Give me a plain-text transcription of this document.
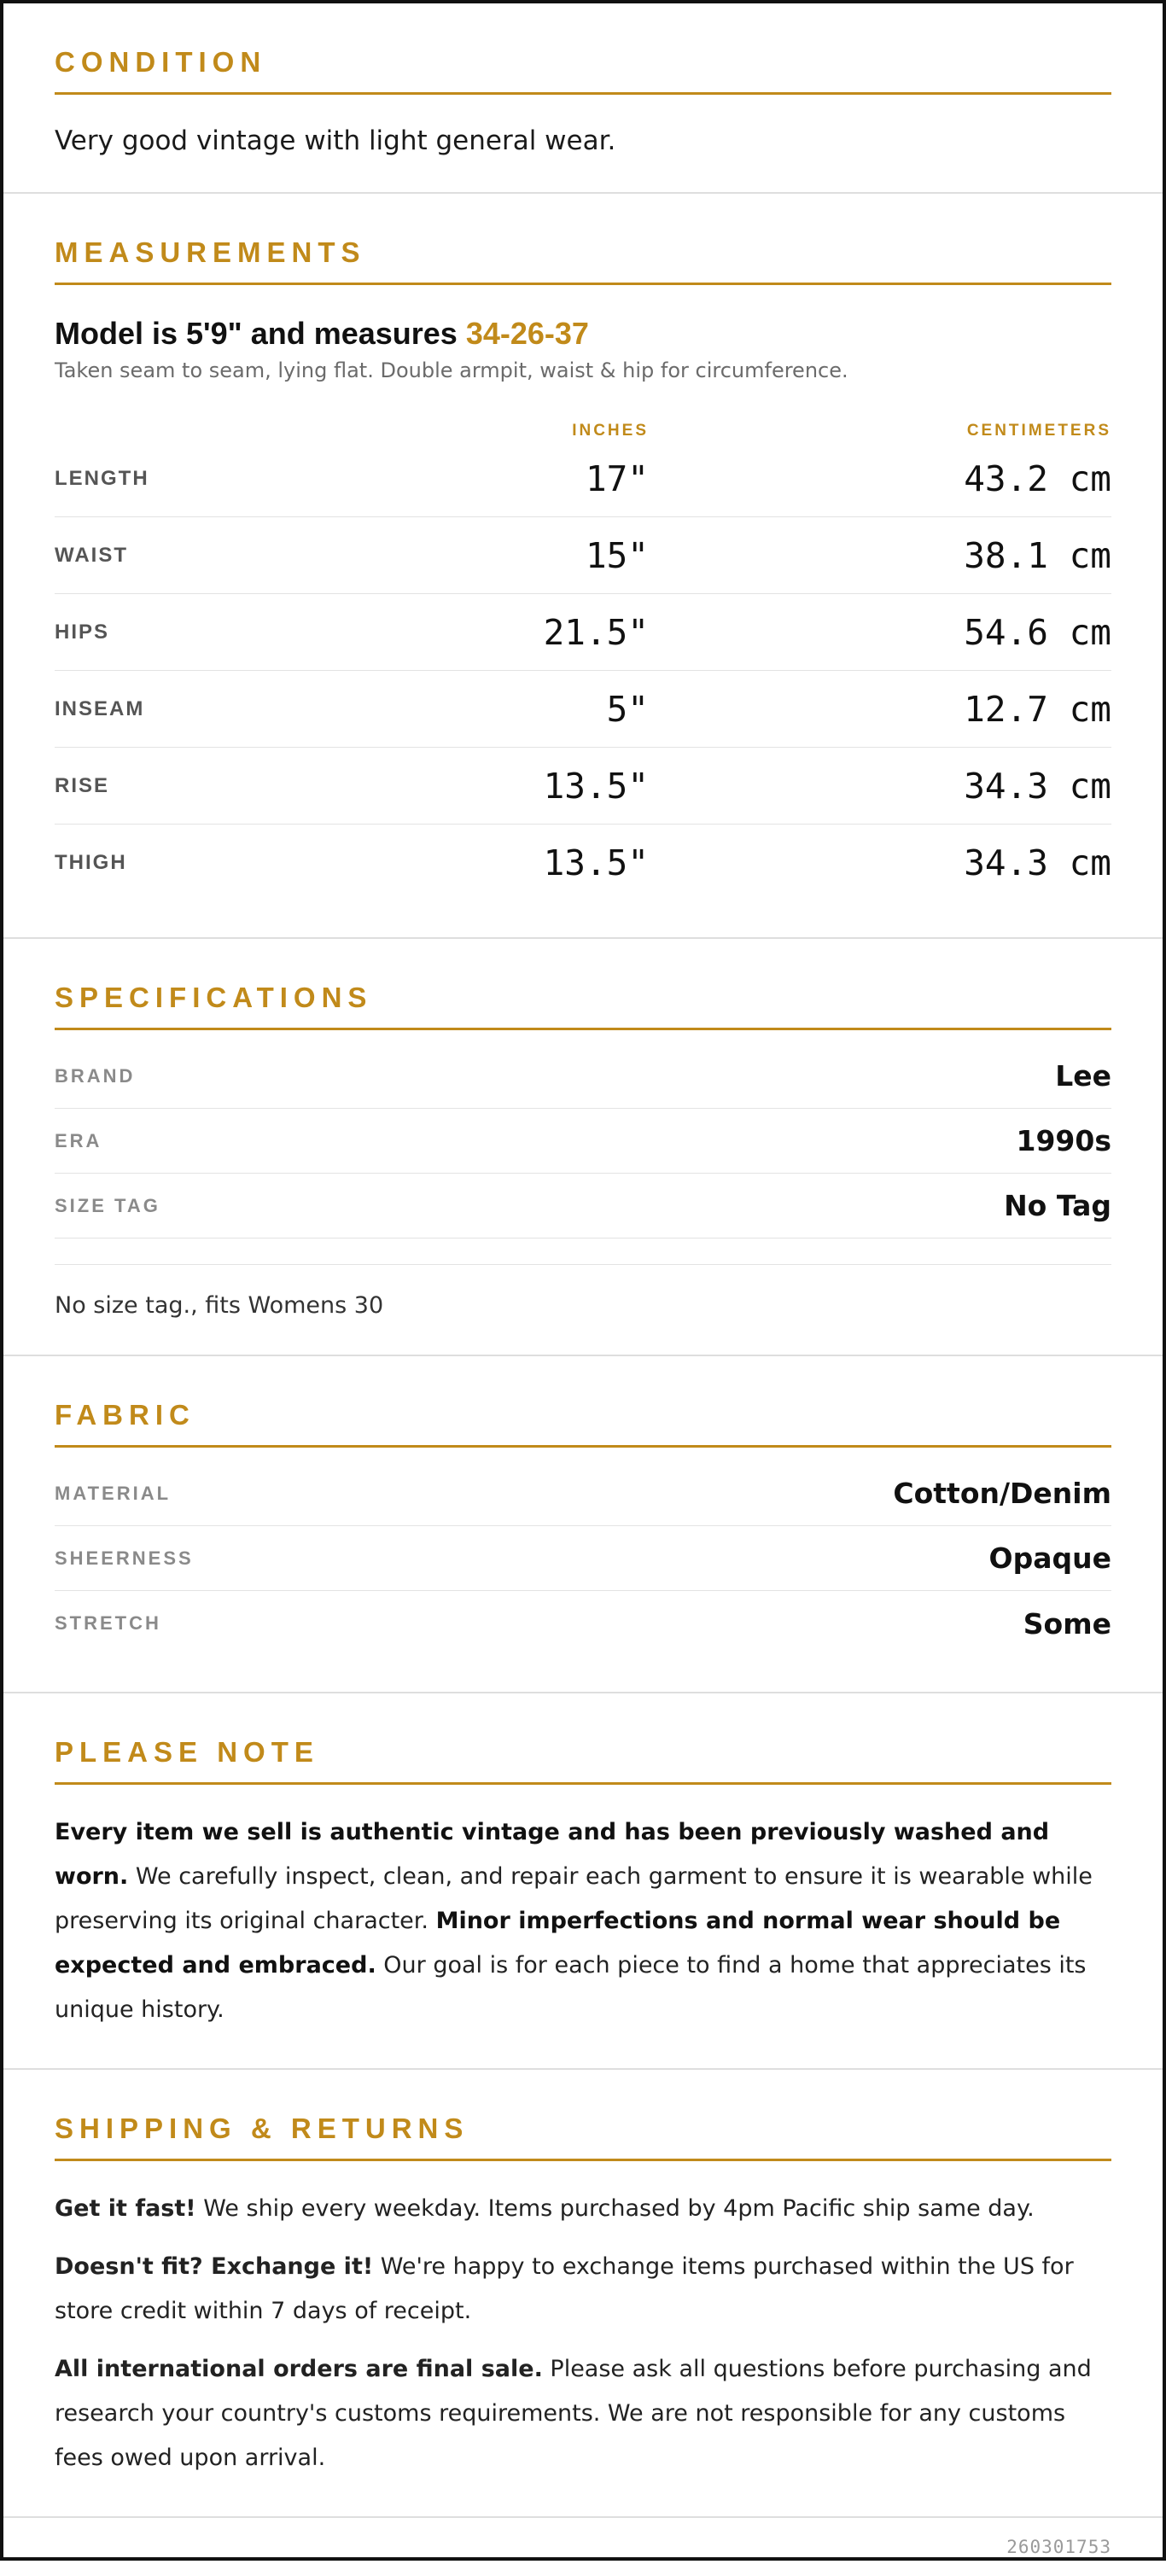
CONDITION
Very good vintage with light general wear.
MEASUREMENTS
Model is 5'9" and measures 34-26-37
Taken seam to seam, lying flat. Double armpit, waist & hip for circumference.
INCHES	CENTIMETERS
LENGTH	17"	43.2 cm
WAIST	15"	38.1 cm
HIPS	21.5"	54.6 cm
INSEAM	5"	12.7 cm
RISE	13.5"	34.3 cm
THIGH	13.5"	34.3 cm
SPECIFICATIONS
BRAND	Lee
ERA	1990s
SIZE TAG	No Tag
No size tag., fits Womens 30
FABRIC
MATERIAL	Cotton/Denim
SHEERNESS	Opaque
STRETCH	Some
PLEASE NOTE

Every item we sell is authentic vintage and has been previously washed and worn. We carefully inspect, clean, and repair each garment to ensure it is wearable while preserving its original character. Minor imperfections and normal wear should be expected and embraced. Our goal is for each piece to find a home that appreciates its unique history.

SHIPPING & RETURNS

Get it fast! We ship every weekday. Items purchased by 4pm Pacific ship same day.

Doesn't fit? Exchange it! We're happy to exchange items purchased within the US for store credit within 7 days of receipt.

All international orders are final sale. Please ask all questions before purchasing and research your country's customs requirements. We are not responsible for any customs fees owed upon arrival.

260301753
